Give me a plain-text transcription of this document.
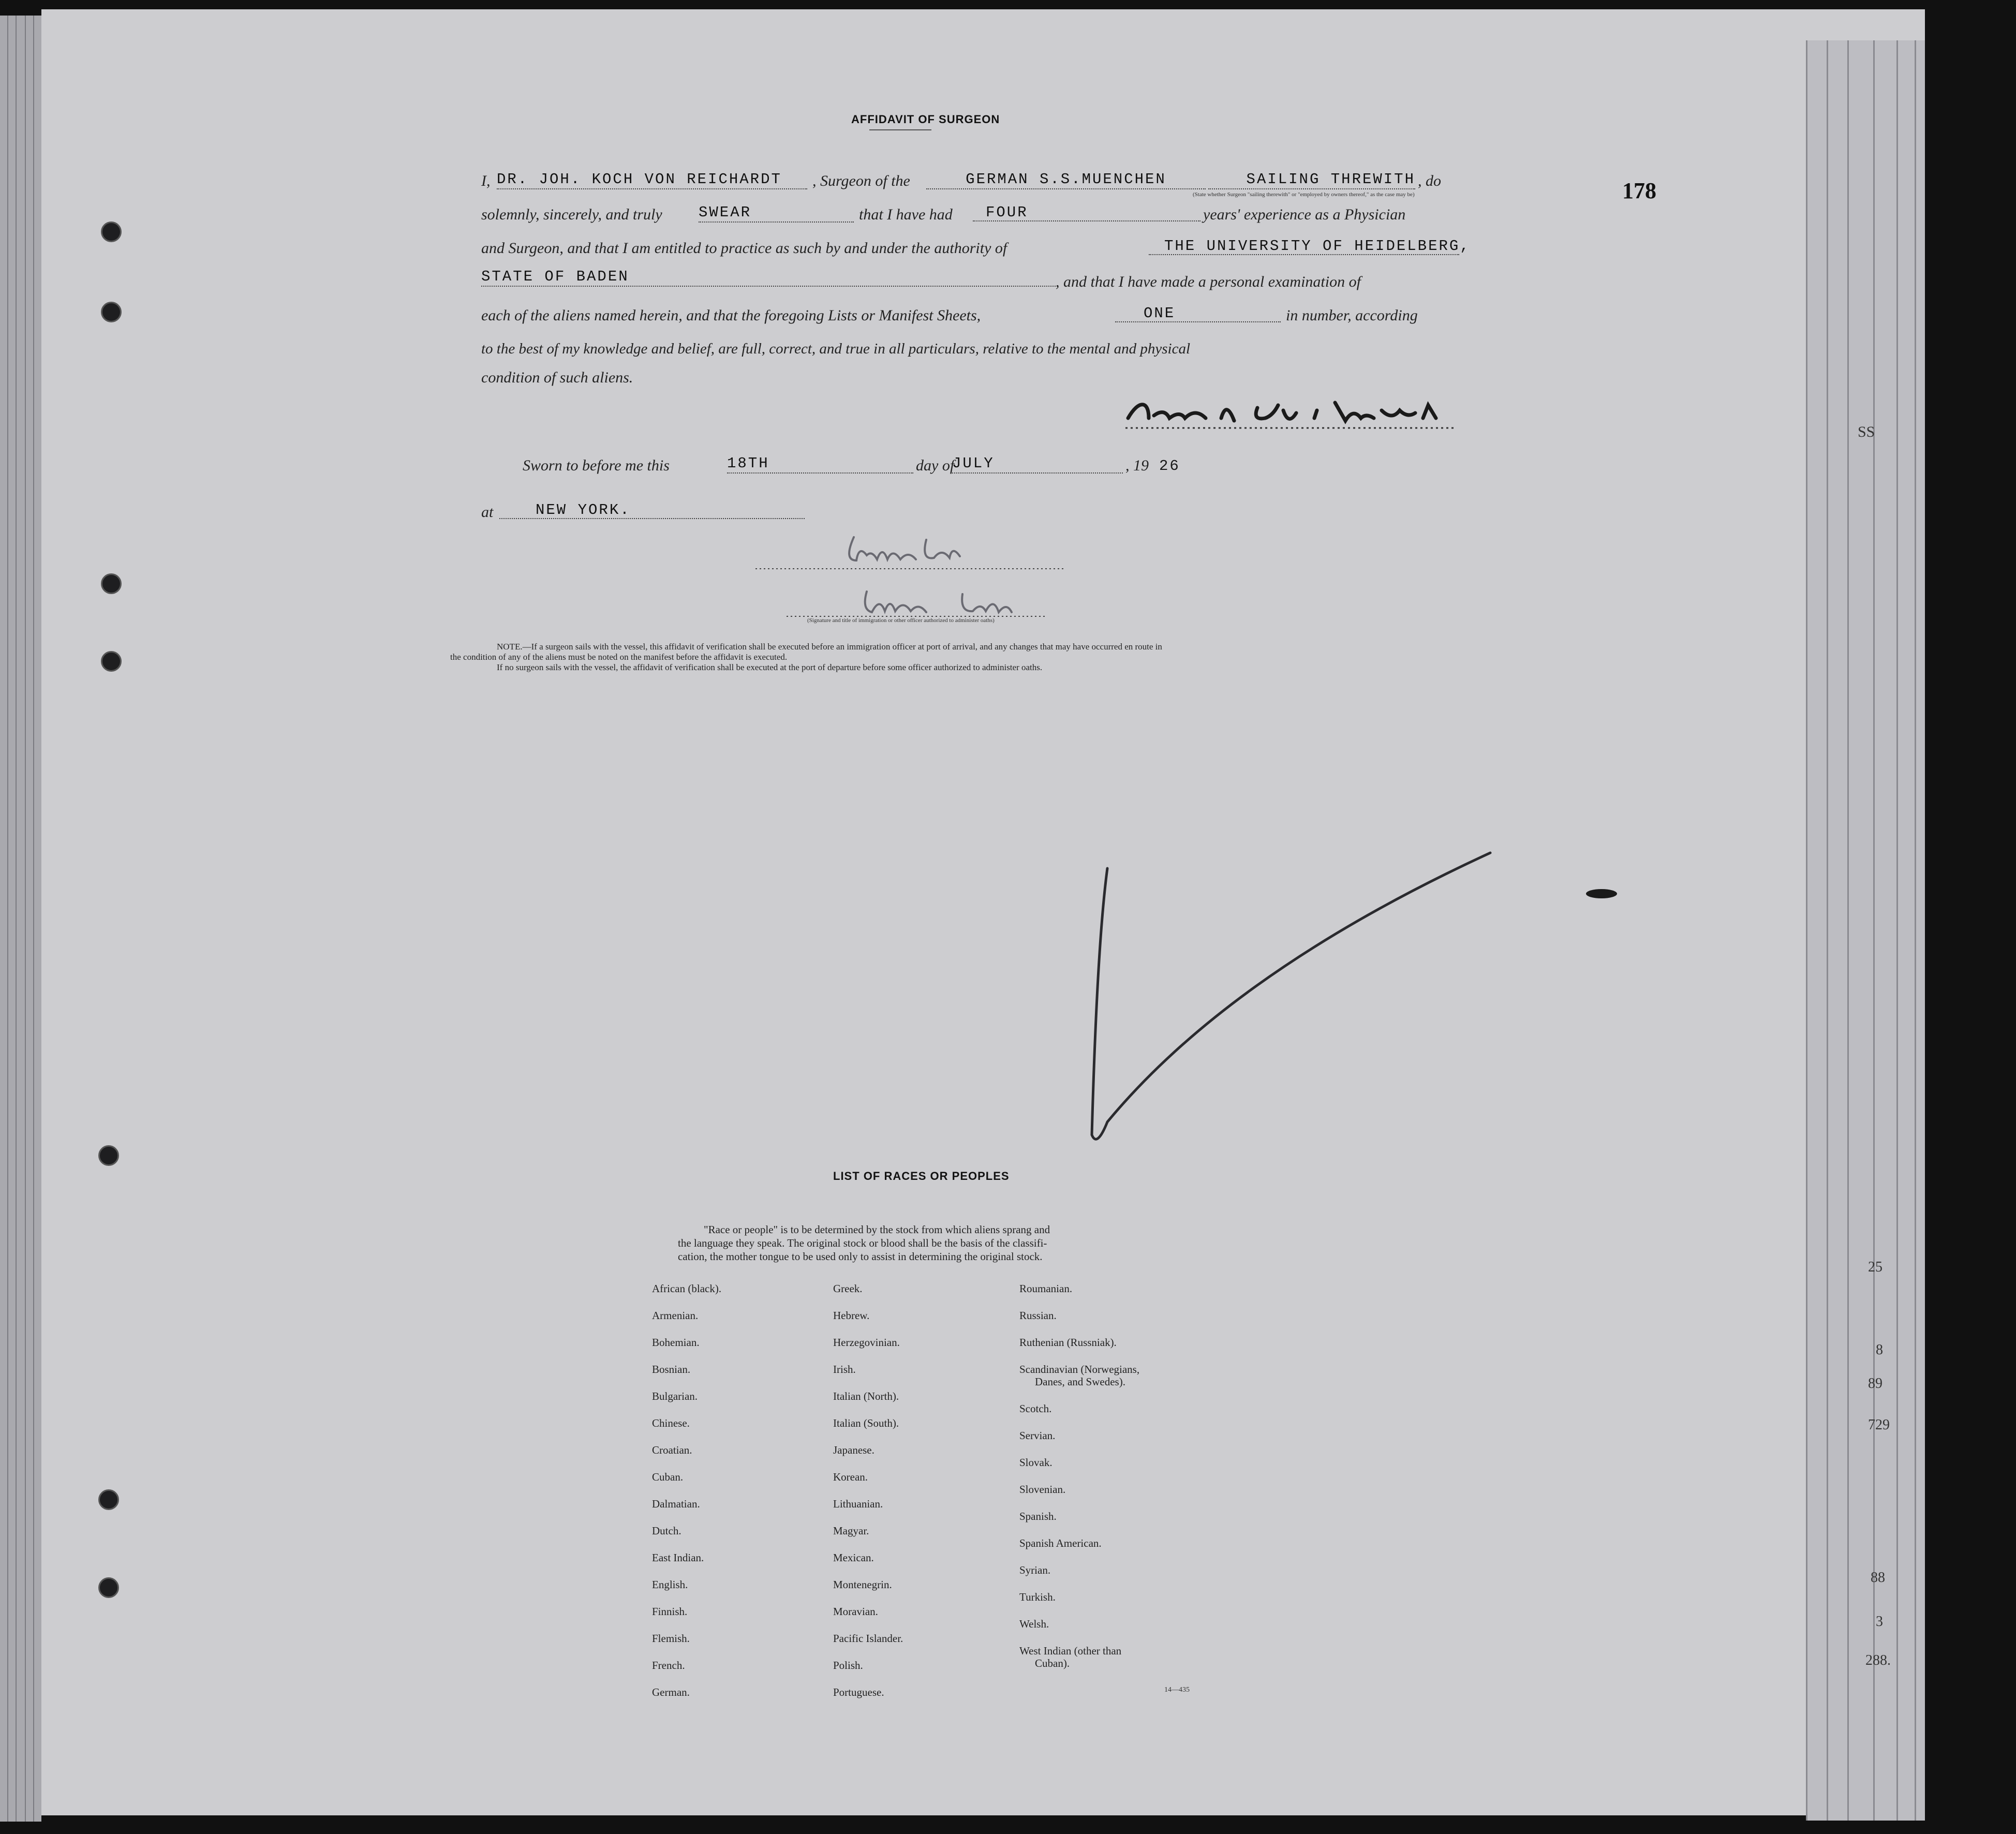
SS
25
8
89
729
88
3
288.
AFFIDAVIT OF SURGEON
178
I, DR. JOH. KOCH VON REICHARDT	, Surgeon of the	GERMAN S.S.MUENCHEN	SAILING THREWITH , do
(State whether Surgeon "sailing therewith" or "employed by owners thereof," as the case may be)
solemnly, sincerely, and truly SWEAR	that I have had	FOUR	years' experience as a Physician
and Surgeon, and that I am entitled to practice as such by and under the authority of	THE UNIVERSITY OF HEIDELBERG,
STATE OF BADEN	, and that I have made a personal examination of
each of the aliens named herein, and that the foregoing Lists or Manifest Sheets,	ONE	in number, according
to the best of my knowledge and belief, are full, correct, and true in all particulars, relative to the mental and physical
condition of such aliens.
Sworn to before me this	18TH	day of
JULY	, 19 26
at	NEW YORK.
(Signature and title of immigration or other officer authorized to administer oaths)
NOTE.—If a surgeon sails with the vessel, this affidavit of verification shall be executed before an immigration officer at port of arrival, and any changes that may have occurred en route in
the condition of any of the aliens must be noted on the manifest before the affidavit is executed.
If no surgeon sails with the vessel, the affidavit of verification shall be executed at the port of departure before some officer authorized to administer oaths.
LIST OF RACES OR PEOPLES
"Race or people" is to be determined by the stock from which aliens sprang and
the language they speak. The original stock or blood shall be the basis of the classifi-
cation, the mother tongue to be used only to assist in determining the original stock.
African (black).
Armenian.
Bohemian.
Bosnian.
Bulgarian.
Chinese.
Croatian.
Cuban.
Dalmatian.
Dutch.
East Indian.
English.
Finnish.
Flemish.
French.
German.
Greek.
Hebrew.
Herzegovinian.
Irish.
Italian (North).
Italian (South).
Japanese.
Korean.
Lithuanian.
Magyar.
Mexican.
Montenegrin.
Moravian.
Pacific Islander.
Polish.
Portuguese.
Roumanian.
Russian.
Ruthenian (Russniak).
Scandinavian (Norwegians,
Danes, and Swedes).
Scotch.
Servian.
Slovak.
Slovenian.
Spanish.
Spanish American.
Syrian.
Turkish.
Welsh.
West Indian (other than
Cuban).
14—435
